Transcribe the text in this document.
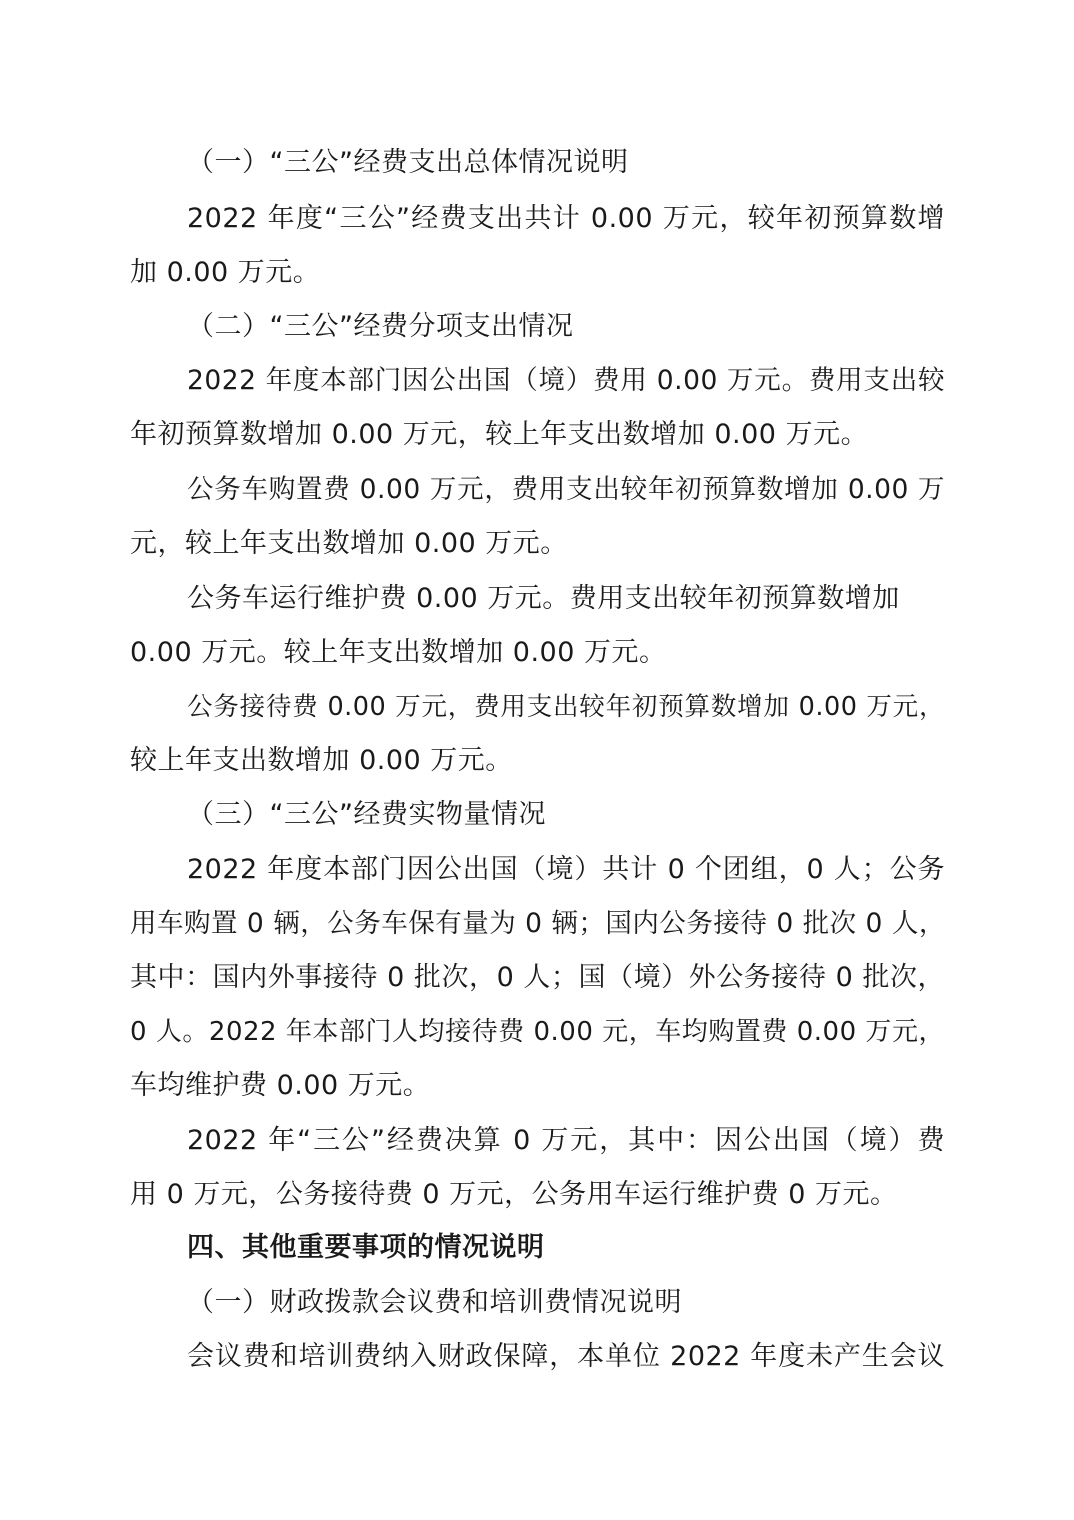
（一）“三公”经费支出总体情况说明
2022 年度“三公”经费支出共计 0.00 万元，较年初预算数增
加 0.00 万元。
（二）“三公”经费分项支出情况
2022 年度本部门因公出国（境）费用 0.00 万元。费用支出较
年初预算数增加 0.00 万元，较上年支出数增加 0.00 万元。
公务车购置费 0.00 万元，费用支出较年初预算数增加 0.00 万
元，较上年支出数增加 0.00 万元。
公务车运行维护费 0.00 万元。费用支出较年初预算数增加
0.00 万元。较上年支出数增加 0.00 万元。
公务接待费 0.00 万元，费用支出较年初预算数增加 0.00 万元，
较上年支出数增加 0.00 万元。
（三）“三公”经费实物量情况
2022 年度本部门因公出国（境）共计 0 个团组，0 人；公务
用车购置 0 辆，公务车保有量为 0 辆；国内公务接待 0 批次 0 人，
其中：国内外事接待 0 批次，0 人；国（境）外公务接待 0 批次，
0 人。2022 年本部门人均接待费 0.00 元，车均购置费 0.00 万元，
车均维护费 0.00 万元。
2022 年“三公”经费决算 0 万元，其中：因公出国（境）费
用 0 万元，公务接待费 0 万元，公务用车运行维护费 0 万元。
四、其他重要事项的情况说明
（一）财政拨款会议费和培训费情况说明
会议费和培训费纳入财政保障，本单位 2022 年度未产生会议
